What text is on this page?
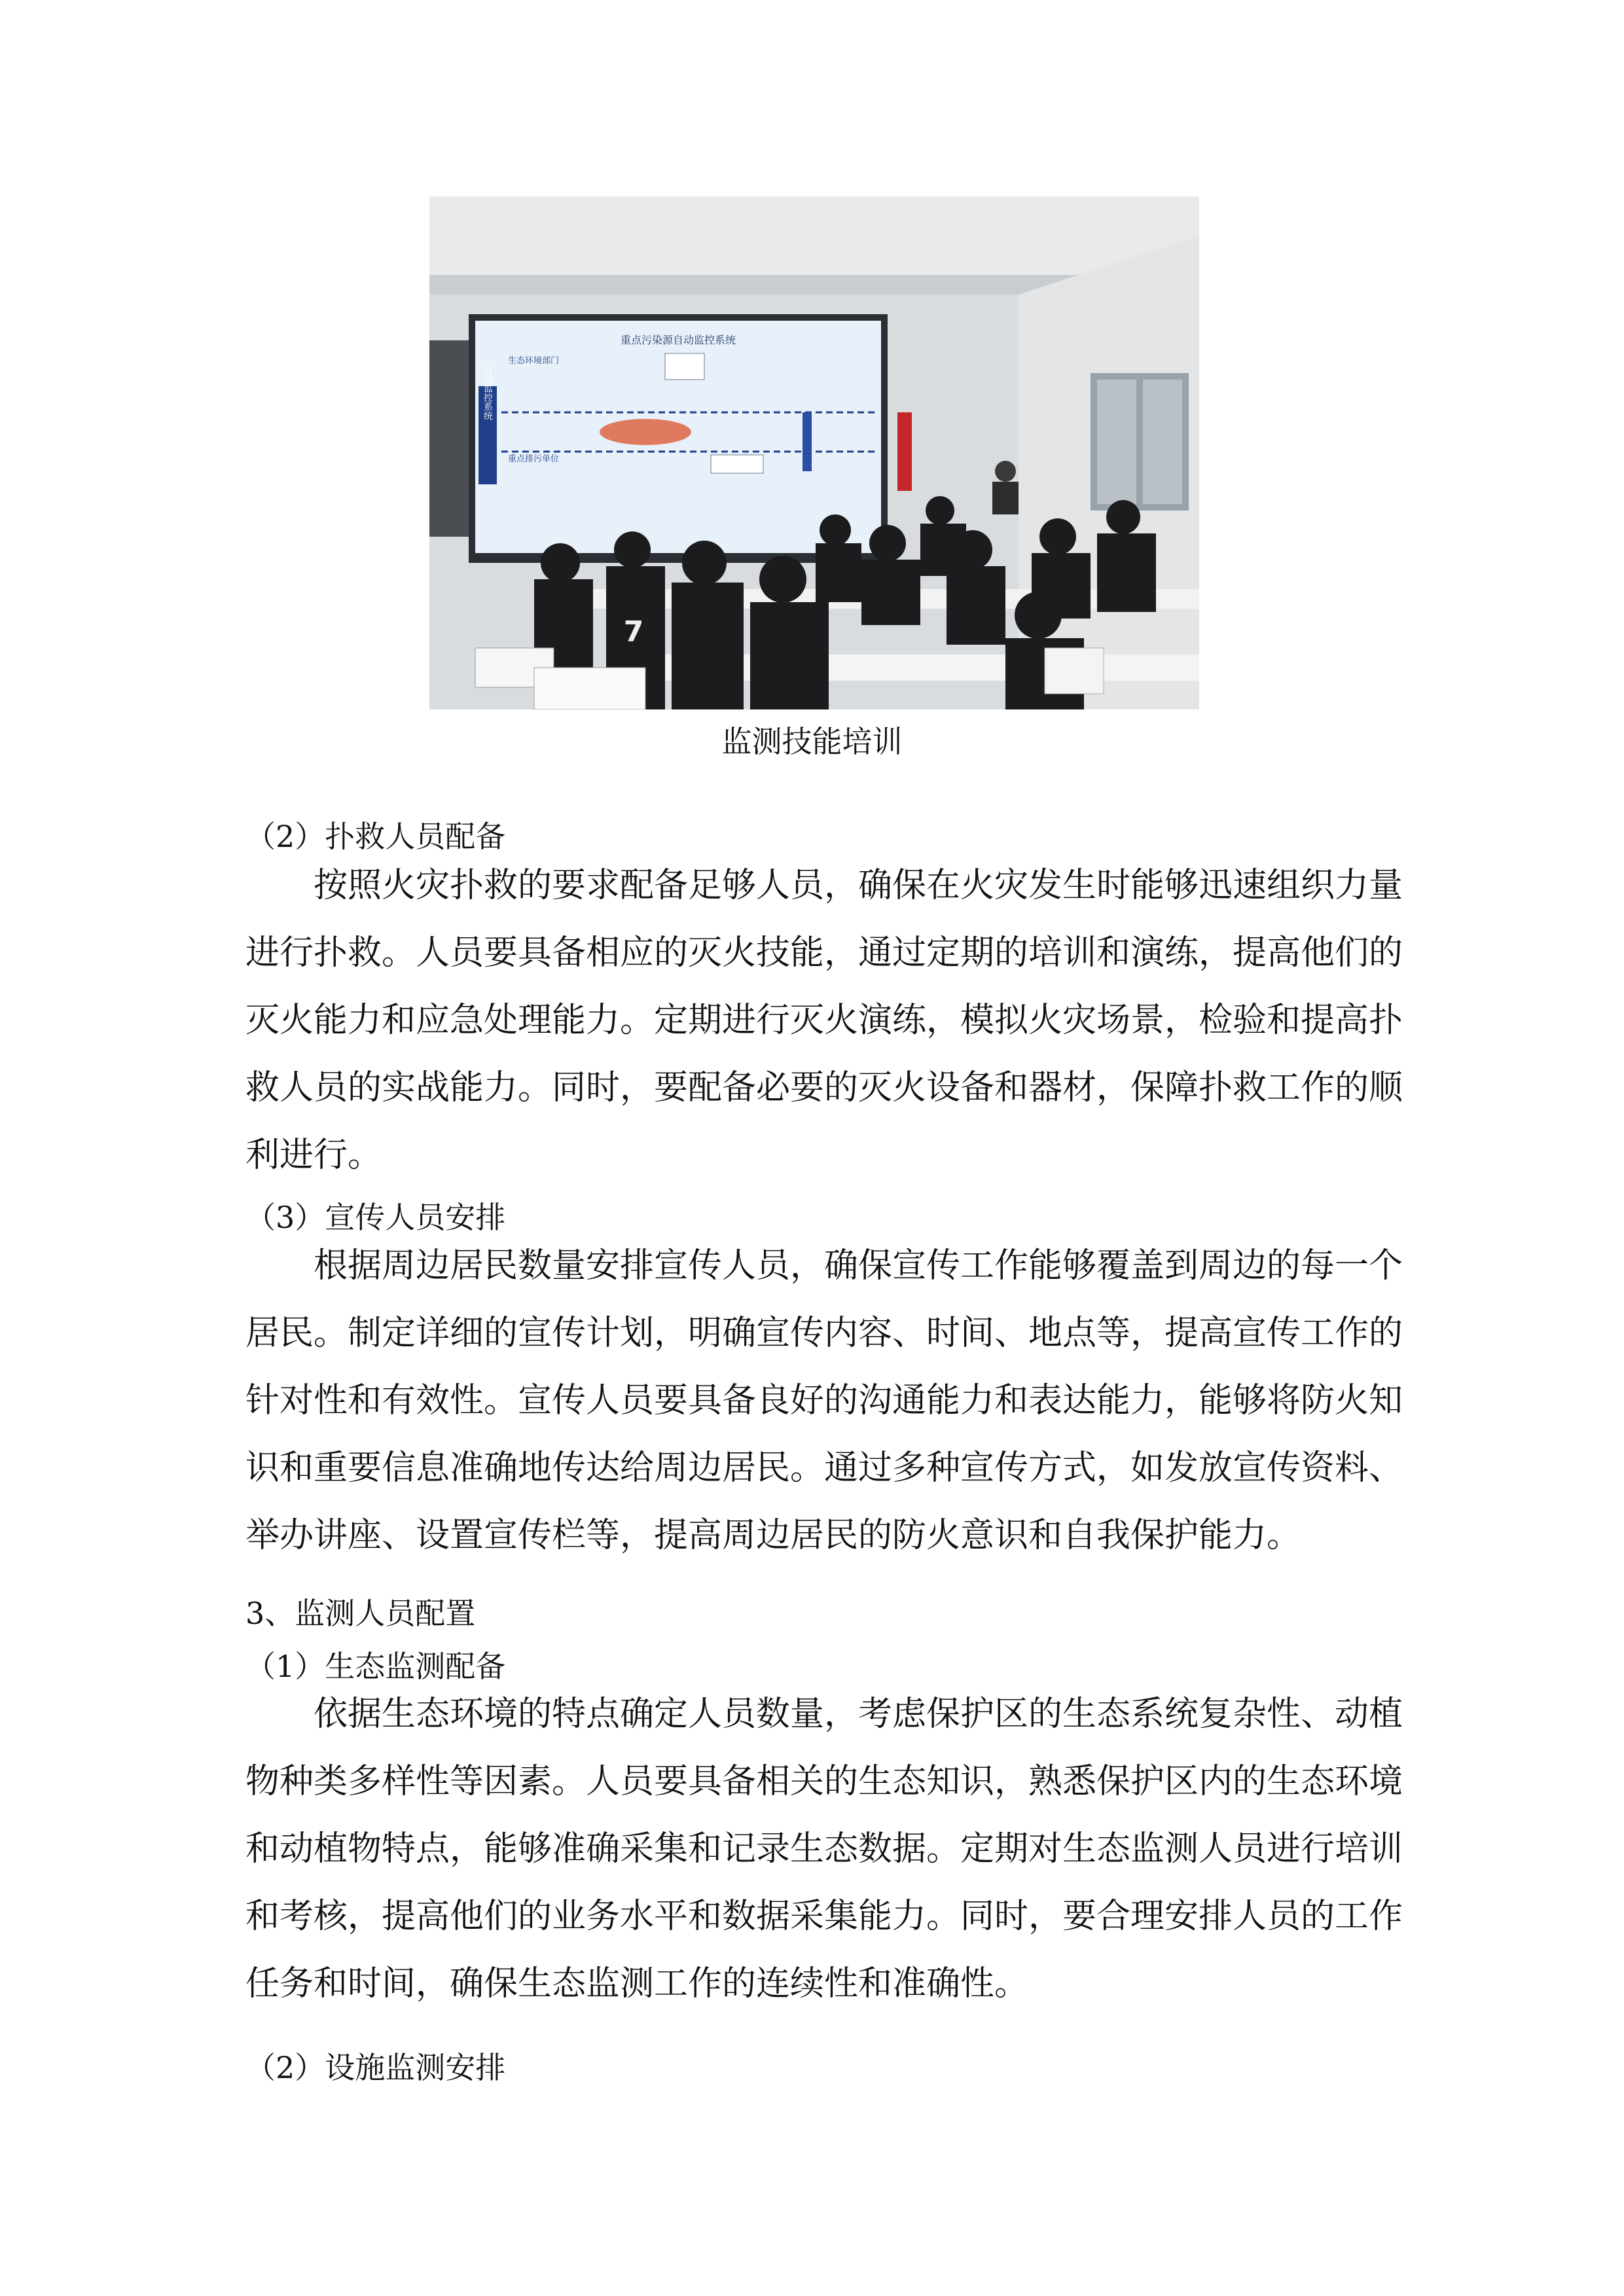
重点污染源自动监控系统
自动监控系统
生态环境部门
重点排污单位
7
监测技能培训
（2）扑救人员配备
按照火灾扑救的要求配备足够人员，确保在火灾发生时能够迅速组织力量
进行扑救。人员要具备相应的灭火技能，通过定期的培训和演练，提高他们的
灭火能力和应急处理能力。定期进行灭火演练，模拟火灾场景，检验和提高扑
救人员的实战能力。同时，要配备必要的灭火设备和器材，保障扑救工作的顺
利进行。
（3）宣传人员安排
根据周边居民数量安排宣传人员，确保宣传工作能够覆盖到周边的每一个
居民。制定详细的宣传计划，明确宣传内容、时间、地点等，提高宣传工作的
针对性和有效性。宣传人员要具备良好的沟通能力和表达能力，能够将防火知
识和重要信息准确地传达给周边居民。通过多种宣传方式，如发放宣传资料、
举办讲座、设置宣传栏等，提高周边居民的防火意识和自我保护能力。
3、监测人员配置
（1）生态监测配备
依据生态环境的特点确定人员数量，考虑保护区的生态系统复杂性、动植
物种类多样性等因素。人员要具备相关的生态知识，熟悉保护区内的生态环境
和动植物特点，能够准确采集和记录生态数据。定期对生态监测人员进行培训
和考核，提高他们的业务水平和数据采集能力。同时，要合理安排人员的工作
任务和时间，确保生态监测工作的连续性和准确性。
（2）设施监测安排
